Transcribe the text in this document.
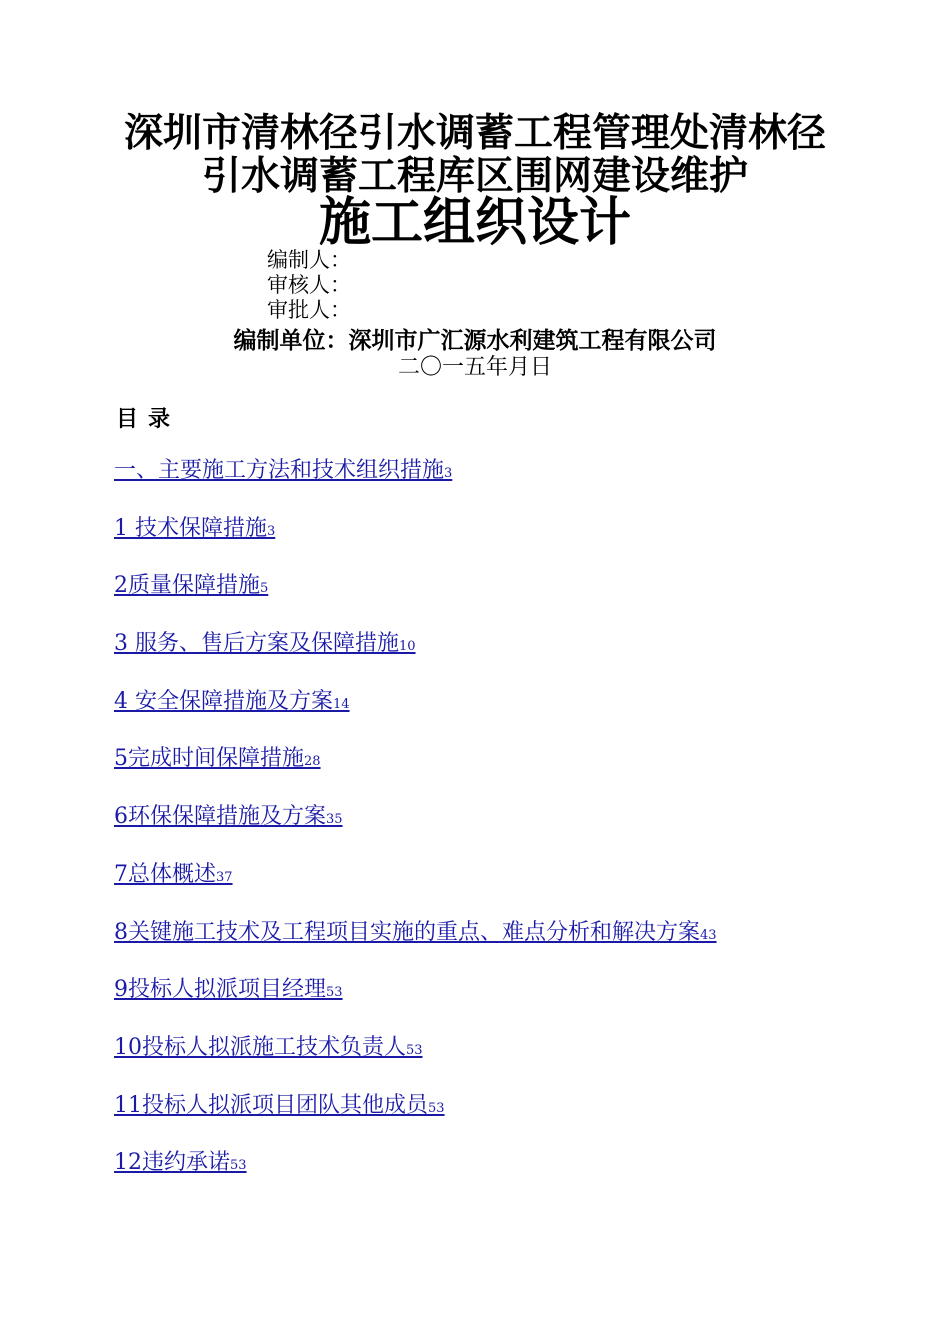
深圳市清林径引水调蓄工程管理处清林径
引水调蓄工程库区围网建设维护
施工组织设计
编制人：
审核人：
审批人：
编制单位：深圳市广汇源水利建筑工程有限公司
二〇一五年月日
目录
一、主要施工方法和技术组织措施3
1 技术保障措施3
2质量保障措施5
3 服务、售后方案及保障措施10
4 安全保障措施及方案14
5完成时间保障措施28
6环保保障措施及方案35
7总体概述37
8关键施工技术及工程项目实施的重点、难点分析和解决方案43
9投标人拟派项目经理53
10投标人拟派施工技术负责人53
11投标人拟派项目团队其他成员53
12违约承诺53
